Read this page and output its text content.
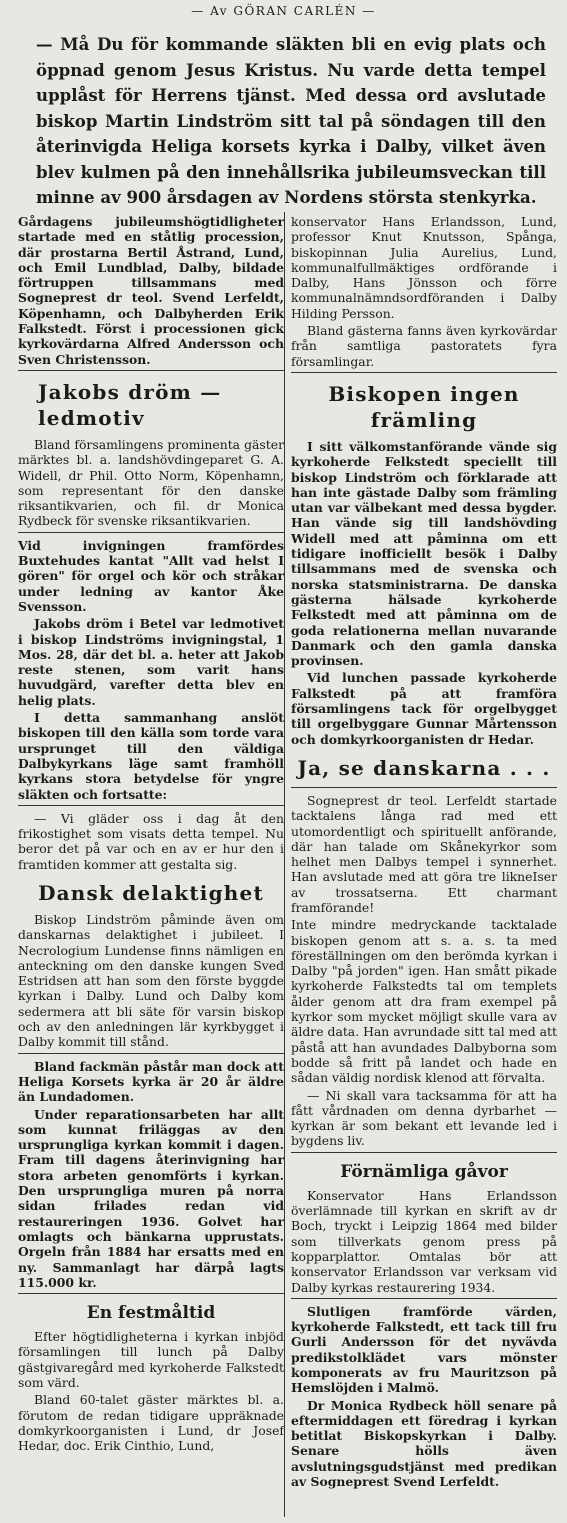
— Av GÖRAN CARLÉN —

— Må Du för kommande släkten bli en evig plats och öppnad genom Jesus Kristus. Nu varde detta tempel upplåst för Herrens tjänst. Med dessa ord avslutade biskop Martin Lindström sitt tal på söndagen till den återinvigda Heliga korsets kyrka i Dalby, vilket även blev kulmen på den innehållsrika jubileumsveckan till minne av 900 årsdagen av Nordens största stenkyrka.

Gårdagens jubileumshögtidligheter startade med en ståtlig procession, där prostarna Bertil Åstrand, Lund, och Emil Lundblad, Dalby, bildade förtruppen tillsammans med Sogneprest dr teol. Svend Lerfeldt, Köpenhamn, och Dalbyherden Erik Falkstedt. Först i processionen gick kyrkovärdarna Alfred Andersson och Sven Christensson.

Jakobs dröm — ledmotiv

Bland församlingens prominenta gäster märktes bl. a. landshövdingeparet G. A. Widell, dr Phil. Otto Norm, Köpenhamn, som representant för den danske riksantikvarien, och fil. dr Monica Rydbeck för svenske riksantikvarien.

Vid invigningen framfördes Buxtehudes kantat "Allt vad helst I gören" för orgel och kör och stråkar under ledning av kantor Åke Svensson.

Jakobs dröm i Betel var ledmotivet i biskop Lindströms invigningstal, 1 Mos. 28, där det bl. a. heter att Jakob reste stenen, som varit hans huvudgärd, varefter detta blev en helig plats.

I detta sammanhang anslöt biskopen till den källa som torde vara ursprunget till den väldiga Dalbykyrkans läge samt framhöll kyrkans stora betydelse för yngre släkten och fortsatte:

— Vi gläder oss i dag åt den frikostighet som visats detta tempel. Nu beror det på var och en av er hur den i framtiden kommer att gestalta sig.

Dansk delaktighet

Biskop Lindström påminde även om danskarnas delaktighet i jubileet. I Necrologium Lundense finns nämligen en anteckning om den danske kungen Sved Estridsen att han som den förste byggde kyrkan i Dalby. Lund och Dalby kom sedermera att bli säte för varsin biskop och av den anledningen lär kyrkbygget i Dalby kommit till stånd.

Bland fackmän påstår man dock att Heliga Korsets kyrka är 20 år äldre än Lundadomen.

Under reparationsarbeten har allt som kunnat friläggas av den ursprungliga kyrkan kommit i dagen. Fram till dagens återinvigning har stora arbeten genomförts i kyrkan. Den ursprungliga muren på norra sidan frilades redan vid restaureringen 1936. Golvet har omlagts och bänkarna upprustats. Orgeln från 1884 har ersatts med en ny. Sammanlagt har därpå lagts 115.000 kr.

En festmåltid

Efter högtidligheterna i kyrkan inbjöd församlingen till lunch på Dalby gästgivaregård med kyrkoherde Falkstedt som värd.

Bland 60-talet gäster märktes bl. a. förutom de redan tidigare uppräknade domkyrkoorganisten i Lund, dr Josef Hedar, doc. Erik Cinthio, Lund,

konservator Hans Erlandsson, Lund, professor Knut Knutsson, Spånga, biskopinnan Julia Aurelius, Lund, kommunalfullmäktiges ordförande i Dalby, Hans Jönsson och förre kommunalnämndsordföranden i Dalby Hilding Persson.

Bland gästerna fanns även kyrkovärdar från samtliga pastoratets fyra församlingar.

Biskopen ingen främling

I sitt välkomstanförande vände sig kyrkoherde Felkstedt speciellt till biskop Lindström och förklarade att han inte gästade Dalby som främling utan var välbekant med dessa bygder. Han vände sig till landshövding Widell med att påminna om ett tidigare inofficiellt besök i Dalby tillsammans med de svenska och norska statsministrarna. De danska gästerna hälsade kyrkoherde Felkstedt med att påminna om de goda relationerna mellan nuvarande Danmark och den gamla danska provinsen.

Vid lunchen passade kyrkoherde Falkstedt på att framföra församlingens tack för orgelbygget till orgelbyggare Gunnar Mårtensson och domkyrkoorganisten dr Hedar.

Ja, se danskarna . . .

Sogneprest dr teol. Lerfeldt startade tacktalens långa rad med ett utomordentligt och spirituellt anförande, där han talade om Skånekyrkor som helhet men Dalbys tempel i synnerhet. Han avslutade med att göra tre likneIser av trossatserna. Ett charmant framförande!

Inte mindre medryckande tacktalade biskopen genom att s. a. s. ta med föreställningen om den berömda kyrkan i Dalby "på jorden" igen. Han smått pikade kyrkoherde Falkstedts tal om templets ålder genom att dra fram exempel på kyrkor som mycket möjligt skulle vara av äldre data. Han avrundade sitt tal med att påstå att han avundades Dalbyborna som bodde så fritt på landet och hade en sådan väldig nordisk klenod att förvalta.

— Ni skall vara tacksamma för att ha fått vårdnaden om denna dyrbarhet — kyrkan är som bekant ett levande led i bygdens liv.

Förnämliga gåvor

Konservator Hans Erlandsson överlämnade till kyrkan en skrift av dr Boch, tryckt i Leipzig 1864 med bilder som tillverkats genom press på kopparplattor. Omtalas bör att konservator Erlandsson var verksam vid Dalby kyrkas restaurering 1934.

Slutligen framförde värden, kyrkoherde Falkstedt, ett tack till fru Gurli Andersson för det nyvävda predikstolklädet vars mönster komponerats av fru Mauritzson på Hemslöjden i Malmö.

Dr Monica Rydbeck höll senare på eftermiddagen ett föredrag i kyrkan betitlat Biskopskyrkan i Dalby. Senare hölls även avslutningsgudstjänst med predikan av Sogneprest Svend Lerfeldt.
